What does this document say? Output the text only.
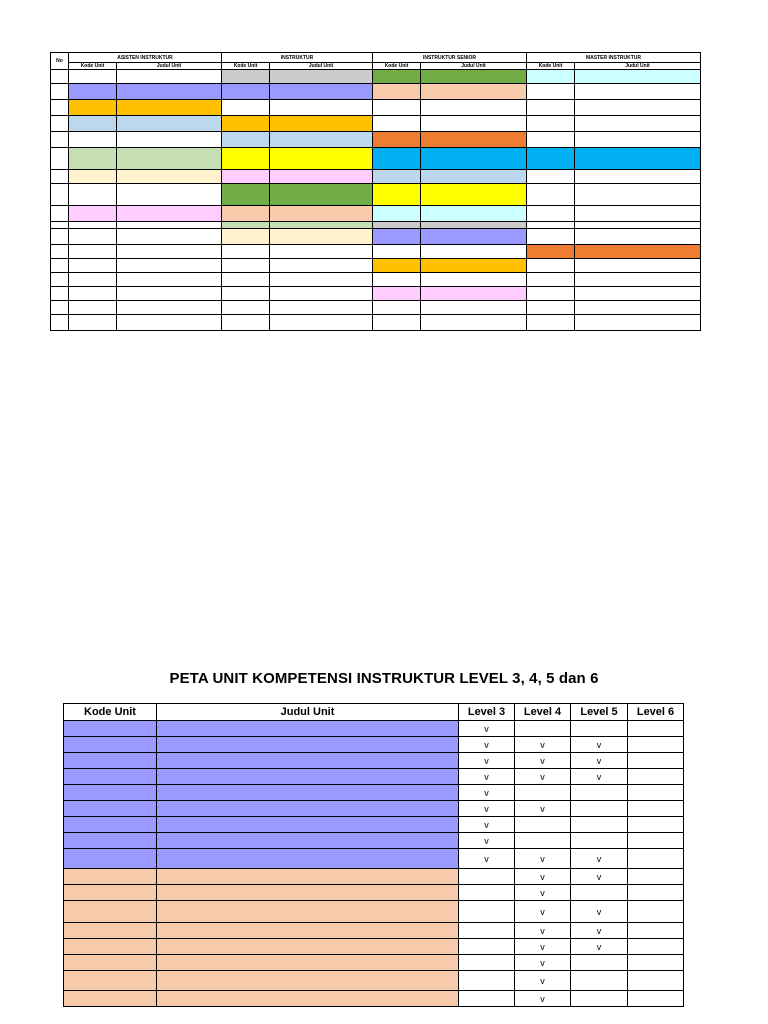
No	ASISTEN INSTRUKTUR		INSTRUKTUR		INSTRUKTUR SENIOR		MASTER INSTRUKTUR	
	Kode Unit	Judul Unit	Kode Unit	Judul Unit	Kode Unit	Judul Unit	Kode Unit	Judul Unit

PETA UNIT KOMPETENSI INSTRUKTUR LEVEL 3, 4, 5 dan 6
Kode Unit	Judul Unit	Level 3	Level 4	Level 5	Level 6
		v			
		v	v	v	
		v	v	v	
		v	v	v	
		v			
		v	v		
		v			
		v			
		v	v	v	
			v	v	
			v		
			v	v	
			v	v	
			v	v	
			v		
			v		
			v		
